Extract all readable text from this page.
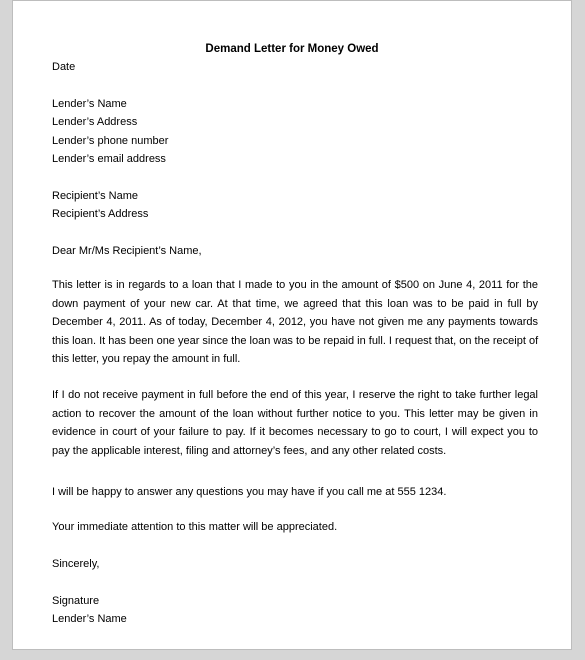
Demand Letter for Money Owed
Date
Lender’s Name
Lender’s Address
Lender’s phone number
Lender’s email address
Recipient’s Name
Recipient’s Address
Dear Mr/Ms Recipient’s Name,
This letter is in regards to a loan that I made to you in the amount of $500 on June 4, 2011 for the
down payment of your new car. At that time, we agreed that this loan was to be paid in full by
December 4, 2011. As of today, December 4, 2012, you have not given me any payments towards
this loan. It has been one year since the loan was to be repaid in full. I request that, on the receipt of
this letter, you repay the amount in full.
If I do not receive payment in full before the end of this year, I reserve the right to take further legal
action to recover the amount of the loan without further notice to you. This letter may be given in
evidence in court of your failure to pay. If it becomes necessary to go to court, I will expect you to
pay the applicable interest, filing and attorney’s fees, and any other related costs.
I will be happy to answer any questions you may have if you call me at 555 1234.
Your immediate attention to this matter will be appreciated.
Sincerely,
Signature
Lender’s Name
